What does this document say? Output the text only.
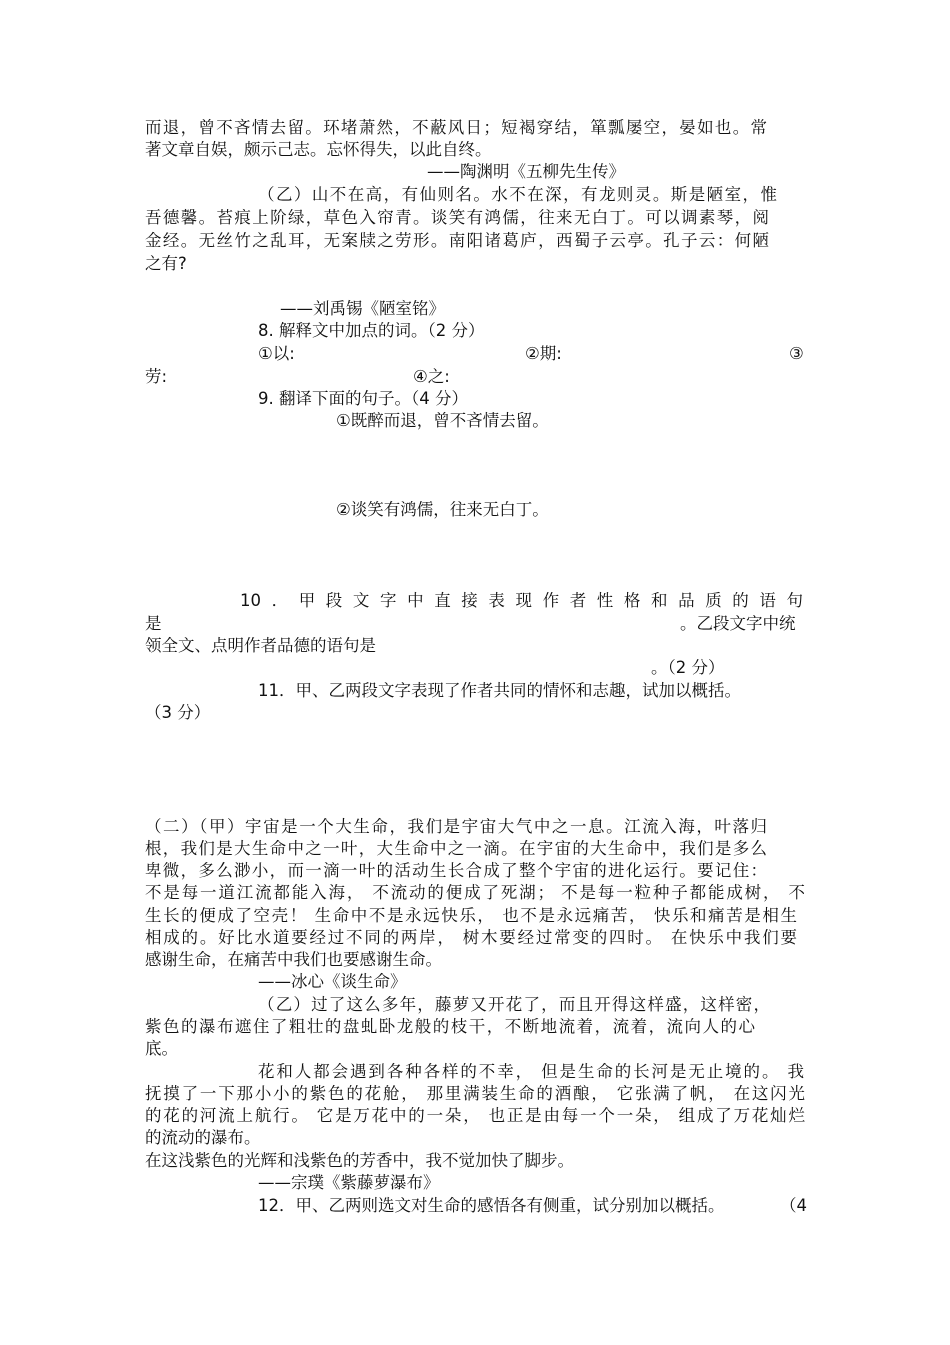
而退，曾不吝情去留。环堵萧然，不蔽风日；短褐穿结，箪瓢屡空，晏如也。常
著文章自娱，颇示己志。忘怀得失，以此自终。
——陶渊明《五柳先生传》
（乙）山不在高，有仙则名。水不在深，有龙则灵。斯是陋室，惟
吾德馨。苔痕上阶绿，草色入帘青。谈笑有鸿儒，往来无白丁。可以调素琴，阅
金经。无丝竹之乱耳，无案牍之劳形。南阳诸葛庐，西蜀子云亭。孔子云：何陋
之有?
——刘禹锡《陋室铭》
8. 解释文中加点的词。（2 分）
①以:	②期:	③
劳:	④之:
9. 翻译下面的句子。（4 分）
①既醉而退，曾不吝情去留。
②谈笑有鸿儒，往来无白丁。
10．甲段文字中直接表现作者性格和品质的语句
是	。乙段文字中统
领全文、点明作者品德的语句是
。（2 分）
11．甲、乙两段文字表现了作者共同的情怀和志趣，试加以概括。
（3 分）
（二）（甲）宇宙是一个大生命，我们是宇宙大气中之一息。江流入海，叶落归
根，我们是大生命中之一叶，大生命中之一滴。在宇宙的大生命中，我们是多么
卑微，多么渺小，而一滴一叶的活动生长合成了整个宇宙的进化运行。要记住：
不是每一道江流都能入海， 不流动的便成了死湖； 不是每一粒种子都能成树， 不
生长的便成了空壳！ 生命中不是永远快乐， 也不是永远痛苦， 快乐和痛苦是相生
相成的。好比水道要经过不同的两岸， 树木要经过常变的四时。 在快乐中我们要
感谢生命，在痛苦中我们也要感谢生命。
——冰心《谈生命》
（乙）过了这么多年，藤萝又开花了，而且开得这样盛，这样密，
紫色的瀑布遮住了粗壮的盘虬卧龙般的枝干，不断地流着，流着，流向人的心
底。
花和人都会遇到各种各样的不幸， 但是生命的长河是无止境的。 我
抚摸了一下那小小的紫色的花舱， 那里满装生命的酒酿， 它张满了帆， 在这闪光
的花的河流上航行。 它是万花中的一朵， 也正是由每一个一朵， 组成了万花灿烂
的流动的瀑布。
在这浅紫色的光辉和浅紫色的芳香中，我不觉加快了脚步。
——宗璞《紫藤萝瀑布》
12．甲、乙两则选文对生命的感悟各有侧重，试分别加以概括。	（4
